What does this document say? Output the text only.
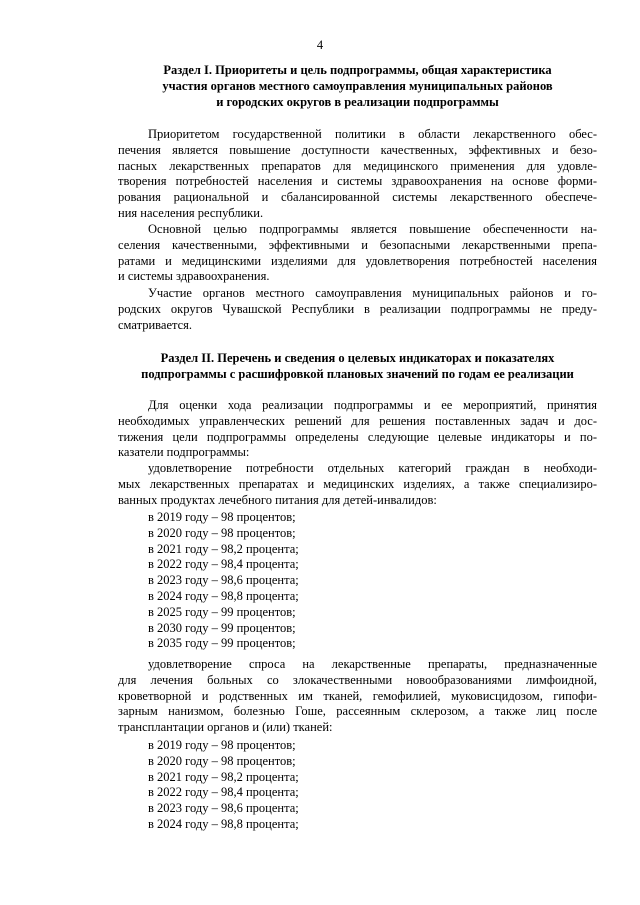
4
Раздел I. Приоритеты и цель подпрограммы, общая характеристика
участия органов местного самоуправления муниципальных районов
и городских округов в реализации подпрограммы
Приоритетом государственной политики в области лекарственного обес-
печения является повышение доступности качественных, эффективных и безо-
пасных лекарственных препаратов для медицинского применения для удовле-
творения потребностей населения и системы здравоохранения на основе форми-
рования рациональной и сбалансированной системы лекарственного обеспече-
ния населения республики.
Основной целью подпрограммы является повышение обеспеченности на-
селения качественными, эффективными и безопасными лекарственными препа-
ратами и медицинскими изделиями для удовлетворения потребностей населения
и системы здравоохранения.
Участие органов местного самоуправления муниципальных районов и го-
родских округов Чувашской Республики в реализации подпрограммы не преду-
сматривается.
Раздел II. Перечень и сведения о целевых индикаторах и показателях
подпрограммы с расшифровкой плановых значений по годам ее реализации
Для оценки хода реализации подпрограммы и ее мероприятий, принятия
необходимых управленческих решений для решения поставленных задач и дос-
тижения цели подпрограммы определены следующие целевые индикаторы и по-
казатели подпрограммы:
удовлетворение потребности отдельных категорий граждан в необходи-
мых лекарственных препаратах и медицинских изделиях, а также специализиро-
ванных продуктах лечебного питания для детей-инвалидов:
в 2019 году – 98 процентов;
в 2020 году – 98 процентов;
в 2021 году – 98,2 процента;
в 2022 году – 98,4 процента;
в 2023 году – 98,6 процента;
в 2024 году – 98,8 процента;
в 2025 году – 99 процентов;
в 2030 году – 99 процентов;
в 2035 году – 99 процентов;
удовлетворение спроса на лекарственные препараты, предназначенные
для лечения больных со злокачественными новообразованиями лимфоидной,
кроветворной и родственных им тканей, гемофилией, муковисцидозом, гипофи-
зарным нанизмом, болезнью Гоше, рассеянным склерозом, а также лиц после
трансплантации органов и (или) тканей:
в 2019 году – 98 процентов;
в 2020 году – 98 процентов;
в 2021 году – 98,2 процента;
в 2022 году – 98,4 процента;
в 2023 году – 98,6 процента;
в 2024 году – 98,8 процента;
